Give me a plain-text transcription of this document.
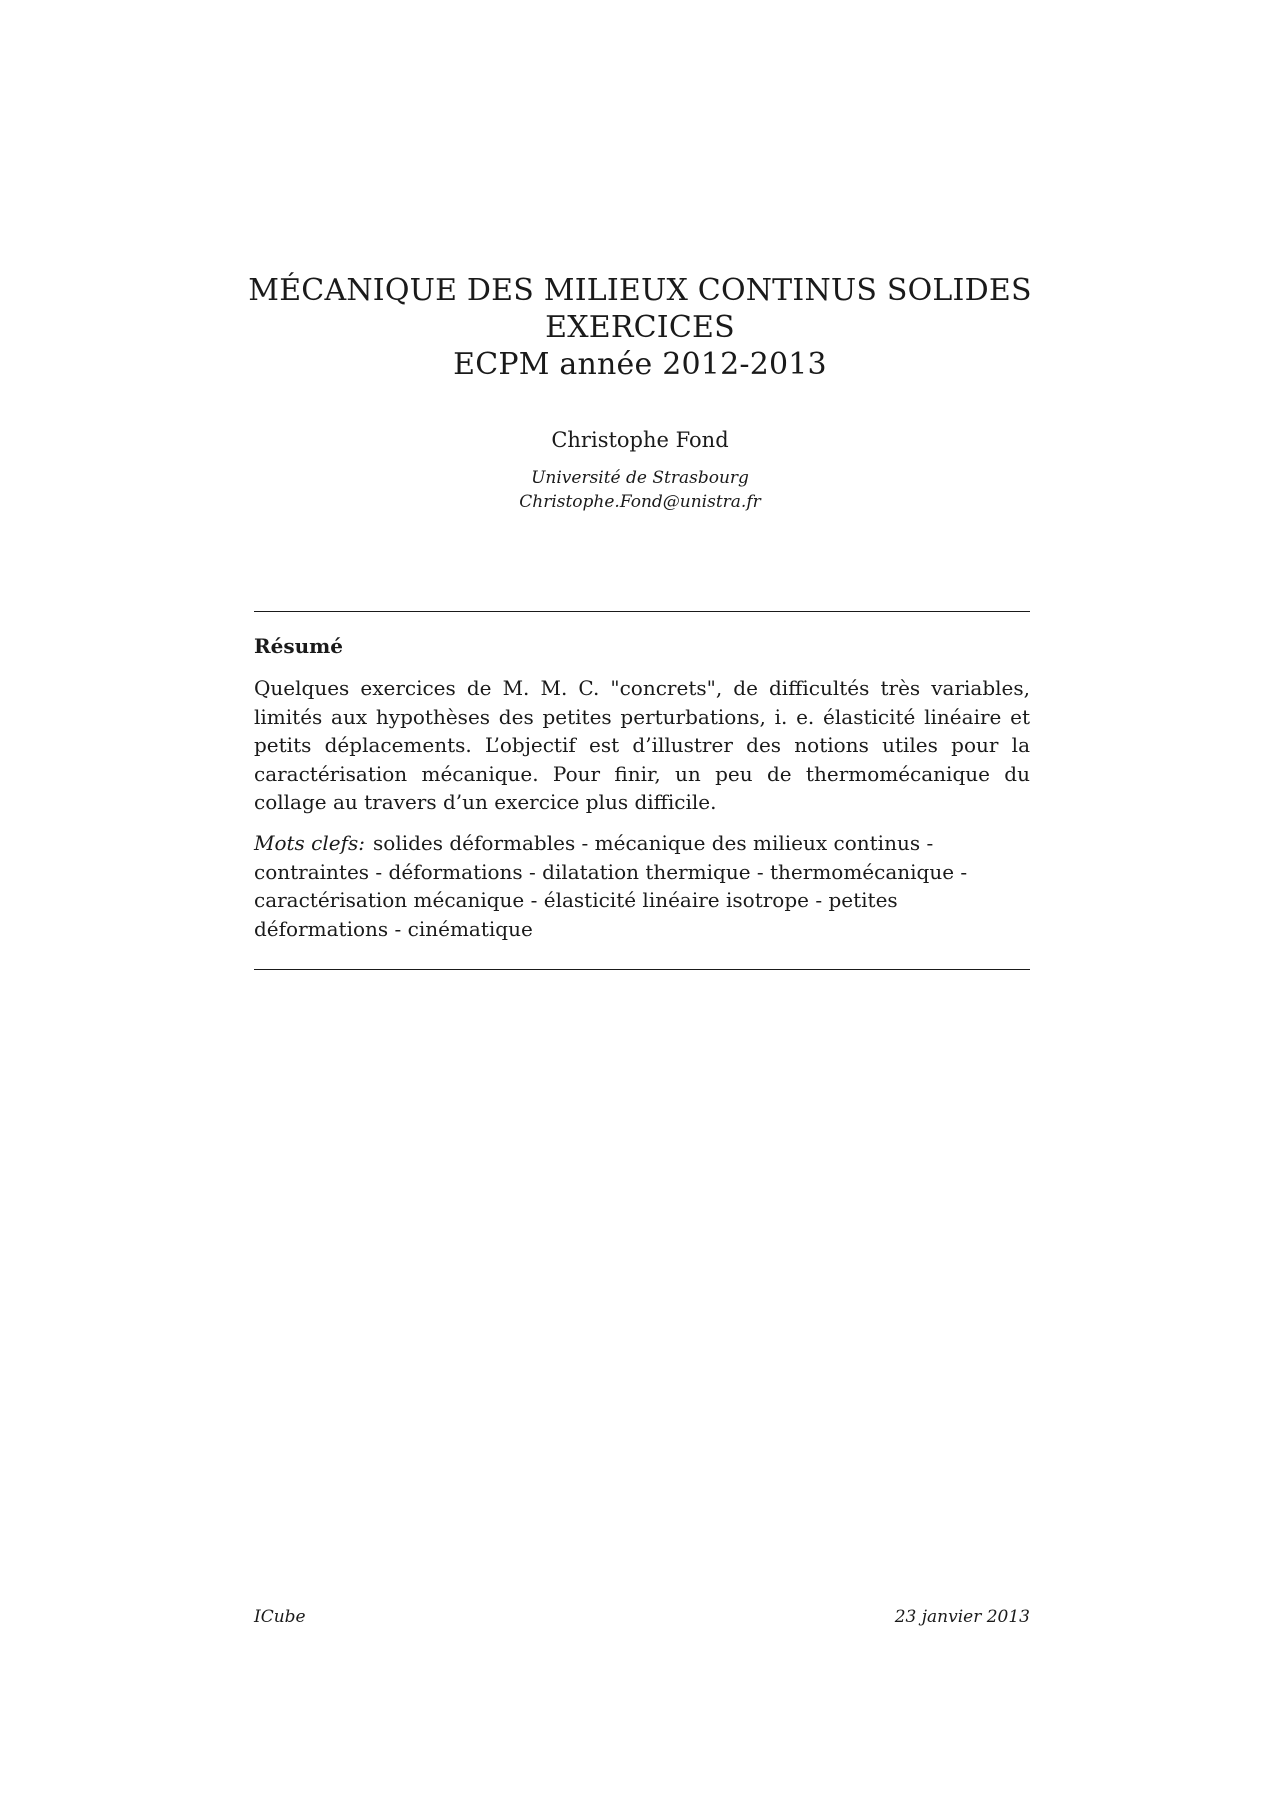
MÉCANIQUE DES MILIEUX CONTINUS SOLIDES
EXERCICES
ECPM année 2012-2013
Christophe Fond
Université de Strasbourg
Christophe.Fond@unistra.fr
Résumé

Quelques exercices de M. M. C. "concrets", de difficultés très variables, limités aux hypothèses des petites perturbations, i. e. élasticité linéaire et petits déplacements. L’objectif est d’illustrer des notions utiles pour la caractérisation mécanique. Pour finir, un peu de thermomécanique du collage au travers d’un exercice plus difficile.

Mots clefs: solides déformables - mécanique des milieux continus - contraintes - déformations - dilatation thermique - thermomécanique - caractérisation mécanique - élasticité linéaire isotrope - petites déformations - cinématique

ICube	23 janvier 2013
